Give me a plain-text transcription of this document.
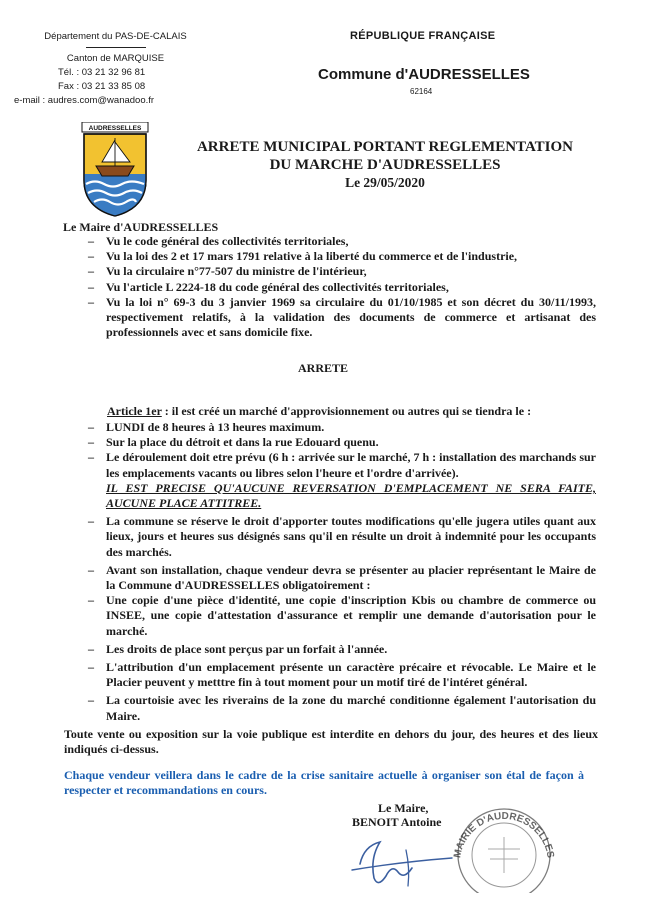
Département du PAS-DE-CALAIS
Canton de MARQUISE
Tél. : 03 21 32 96 81
Fax : 03 21 33 85 08
e-mail : audres.com@wanadoo.fr
RÉPUBLIQUE FRANÇAISE
Commune d'AUDRESSELLES
62164
AUDRESSELLES
ARRETE MUNICIPAL PORTANT REGLEMENTATION
DU MARCHE D'AUDRESSELLES
Le 29/05/2020
Le Maire d'AUDRESSELLES
– Vu le code général des collectivités territoriales,
– Vu la loi des 2 et 17 mars 1791 relative à la liberté du commerce et de l'industrie,
– Vu la circulaire n°77-507 du ministre de l'intérieur,
– Vu l'article L 2224-18 du code général des collectivités territoriales,
– Vu la loi n° 69-3 du 3 janvier 1969 sa circulaire du 01/10/1985 et son décret du 30/11/1993, respectivement relatifs, à la validation des documents de commerce et artisanat des professionnels avec et sans domicile fixe.
ARRETE
Article 1er : il est créé un marché d'approvisionnement ou autres qui se tiendra le :
– LUNDI de 8 heures à 13 heures maximum.
– Sur la place du détroit et dans la rue Edouard quenu.
– Le déroulement doit etre prévu (6 h : arrivée sur le marché, 7 h : installation des marchands sur les emplacements vacants ou libres selon l'heure et l'ordre d'arrivée).
IL EST PRECISE QU'AUCUNE REVERSATION D'EMPLACEMENT NE SERA FAITE, AUCUNE PLACE ATTITREE.
– La commune se réserve le droit d'apporter toutes modifications qu'elle jugera utiles quant aux lieux, jours et heures sus désignés sans qu'il en résulte un droit à indemnité pour les occupants des marchés.
– Avant son installation, chaque vendeur devra se présenter au placier représentant le Maire de la Commune d'AUDRESSELLES obligatoirement :
– Une copie d'une pièce d'identité, une copie d'inscription Kbis ou chambre de commerce ou INSEE, une copie d'attestation d'assurance et remplir une demande d'autorisation pour le marché.
– Les droits de place sont perçus par un forfait à l'année.
– L'attribution d'un emplacement présente un caractère précaire et révocable. Le Maire et le Placier peuvent y metttre fin à tout moment pour un motif tiré de l'intéret général.
– La courtoisie avec les riverains de la zone du marché conditionne également l'autorisation du Maire.
Toute vente ou exposition sur la voie publique est interdite en dehors du jour, des heures et des lieux indiqués ci-dessus.
Chaque vendeur veillera dans le cadre de la crise sanitaire actuelle à organiser son étal de façon à respecter et recommandations en cours.
MAIRIE D'AUDRESSELLES
Le Maire,
BENOIT Antoine
